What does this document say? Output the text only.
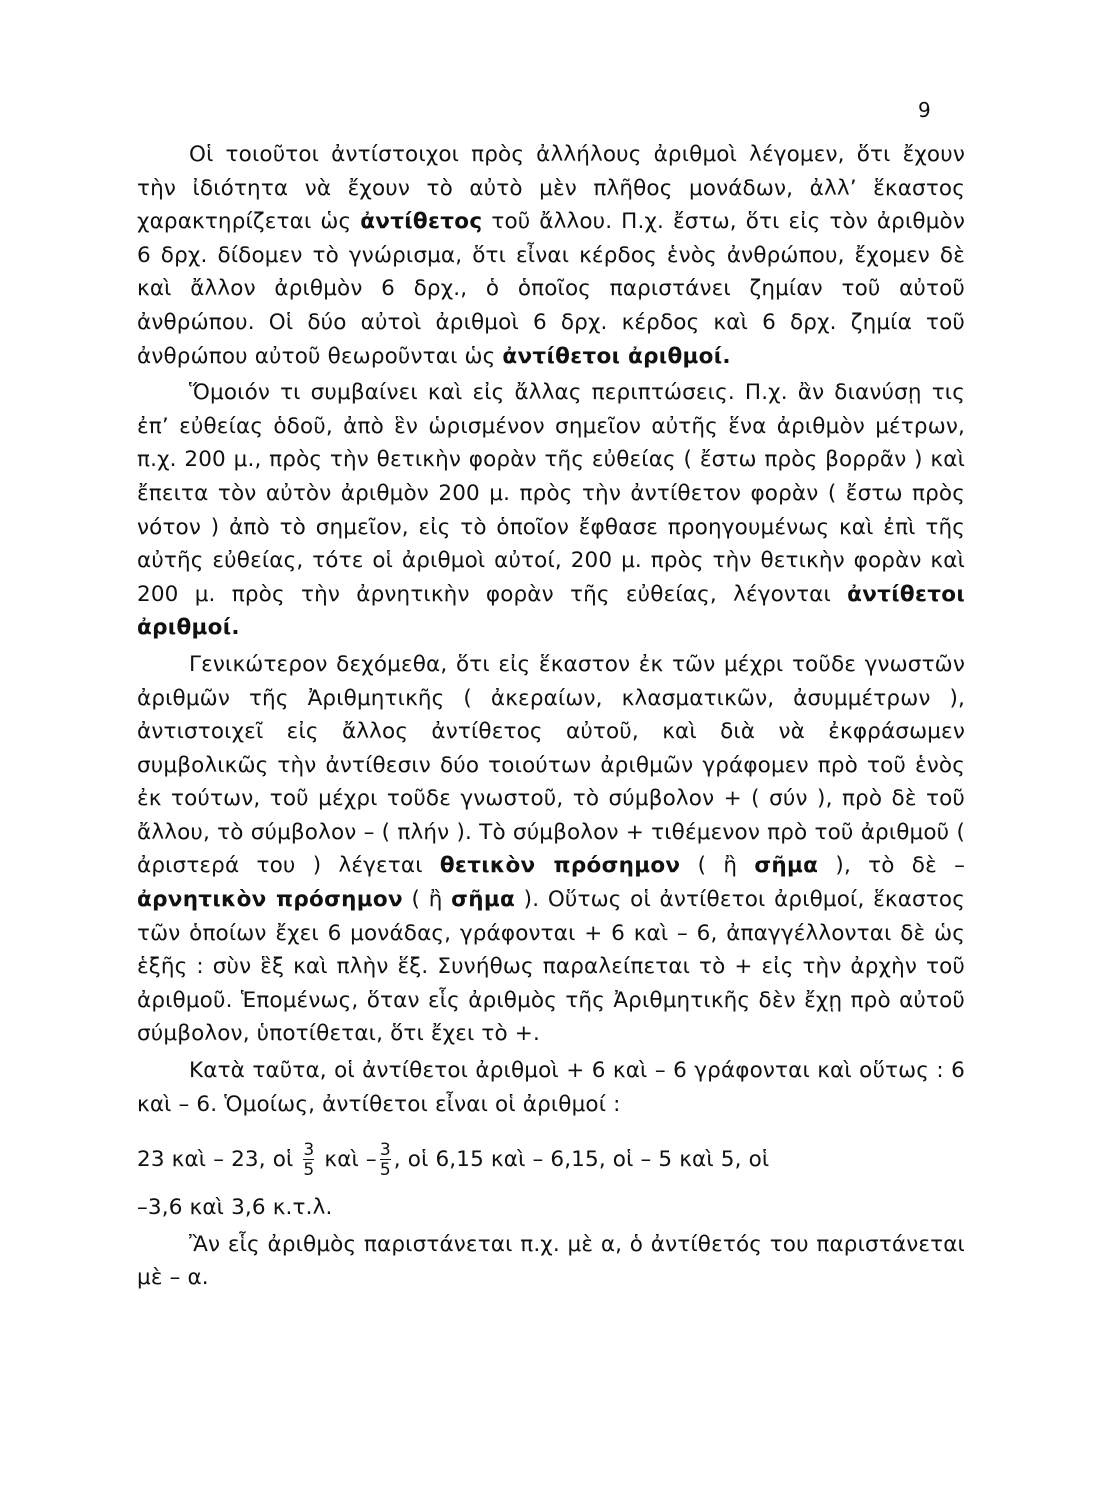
9

Οἱ τοιοῦτοι ἀντίστοιχοι πρὸς ἀλλήλους ἀριθμοὶ λέγομεν, ὅτι ἔχουν τὴν ἰδιότητα νὰ ἔχουν τὸ αὐτὸ μὲν πλῆθος μονάδων, ἀλλ’ ἕκαστος χαρακτηρίζεται ὡς ἀντίθετος τοῦ ἄλλου. Π.χ. ἔστω, ὅτι εἰς τὸν ἀριθμὸν 6 δρχ. δίδομεν τὸ γνώρισμα, ὅτι εἶναι κέρδος ἑνὸς ἀνθρώπου, ἔχομεν δὲ καὶ ἄλλον ἀριθμὸν 6 δρχ., ὁ ὁποῖος παριστάνει ζημίαν τοῦ αὐτοῦ ἀνθρώπου. Οἱ δύο αὐτοὶ ἀριθμοὶ 6 δρχ. κέρδος καὶ 6 δρχ. ζημία τοῦ ἀνθρώπου αὐτοῦ θεωροῦνται ὡς ἀντίθετοι ἀριθμοί.

Ὅμοιόν τι συμβαίνει καὶ εἰς ἄλλας περιπτώσεις. Π.χ. ἂν διανύσῃ τις ἐπ’ εὐθείας ὁδοῦ, ἀπὸ ἓν ὡρισμένον σημεῖον αὐτῆς ἕνα ἀριθμὸν μέτρων, π.χ. 200 μ., πρὸς τὴν θετικὴν φορὰν τῆς εὐθείας ( ἔστω πρὸς βορρᾶν ) καὶ ἔπειτα τὸν αὐτὸν ἀριθμὸν 200 μ. πρὸς τὴν ἀντίθετον φορὰν ( ἔστω πρὸς νότον ) ἀπὸ τὸ σημεῖον, εἰς τὸ ὁποῖον ἔφθασε προηγουμένως καὶ ἐπὶ τῆς αὐτῆς εὐθείας, τότε οἱ ἀριθμοὶ αὐτοί, 200 μ. πρὸς τὴν θετικὴν φορὰν καὶ 200 μ. πρὸς τὴν ἀρνητικὴν φορὰν τῆς εὐθείας, λέγονται ἀντίθετοι ἀριθμοί.

Γενικώτερον δεχόμεθα, ὅτι εἰς ἕκαστον ἐκ τῶν μέχρι τοῦδε γνωστῶν ἀριθμῶν τῆς Ἀριθμητικῆς ( ἀκεραίων, κλασματικῶν, ἀσυμμέτρων ), ἀντιστοιχεῖ εἰς ἄλλος ἀντίθετος αὐτοῦ, καὶ διὰ νὰ ἐκφράσωμεν συμβολικῶς τὴν ἀντίθεσιν δύο τοιούτων ἀριθμῶν γράφομεν πρὸ τοῦ ἑνὸς ἐκ τούτων, τοῦ μέχρι τοῦδε γνωστοῦ, τὸ σύμβολον + ( σύν ), πρὸ δὲ τοῦ ἄλλου, τὸ σύμβολον – ( πλήν ). Τὸ σύμβολον + τιθέμενον πρὸ τοῦ ἀριθμοῦ ( ἀριστερά του ) λέγεται θετικὸν πρόσημον ( ἢ σῆμα ), τὸ δὲ – ἀρνητικὸν πρόσημον ( ἢ σῆμα ). Οὕτως οἱ ἀντίθετοι ἀριθμοί, ἕκαστος τῶν ὁποίων ἔχει 6 μονάδας, γράφονται + 6 καὶ – 6, ἀπαγγέλλονται δὲ ὡς ἑξῆς : σὺν ἓξ καὶ πλὴν ἕξ. Συνήθως παραλείπεται τὸ + εἰς τὴν ἀρχὴν τοῦ ἀριθμοῦ. Ἑπομένως, ὅταν εἷς ἀριθμὸς τῆς Ἀριθμητικῆς δὲν ἔχῃ πρὸ αὐτοῦ σύμβολον, ὑποτίθεται, ὅτι ἔχει τὸ +.

Κατὰ ταῦτα, οἱ ἀντίθετοι ἀριθμοὶ + 6 καὶ – 6 γράφονται καὶ οὕτως : 6 καὶ – 6. Ὁμοίως, ἀντίθετοι εἶναι οἱ ἀριθμοί :
23 καὶ – 23, οἱ $\frac{3}{5}$ καὶ – $\frac{3}{5}$ , οἱ 6,15 καὶ – 6,15, οἱ – 5 καὶ 5, οἱ
–3,6 καὶ 3,6 κ.τ.λ.

Ἂν εἷς ἀριθμὸς παριστάνεται π.χ. μὲ α, ὁ ἀντίθετός του παριστάνεται μὲ – α.
